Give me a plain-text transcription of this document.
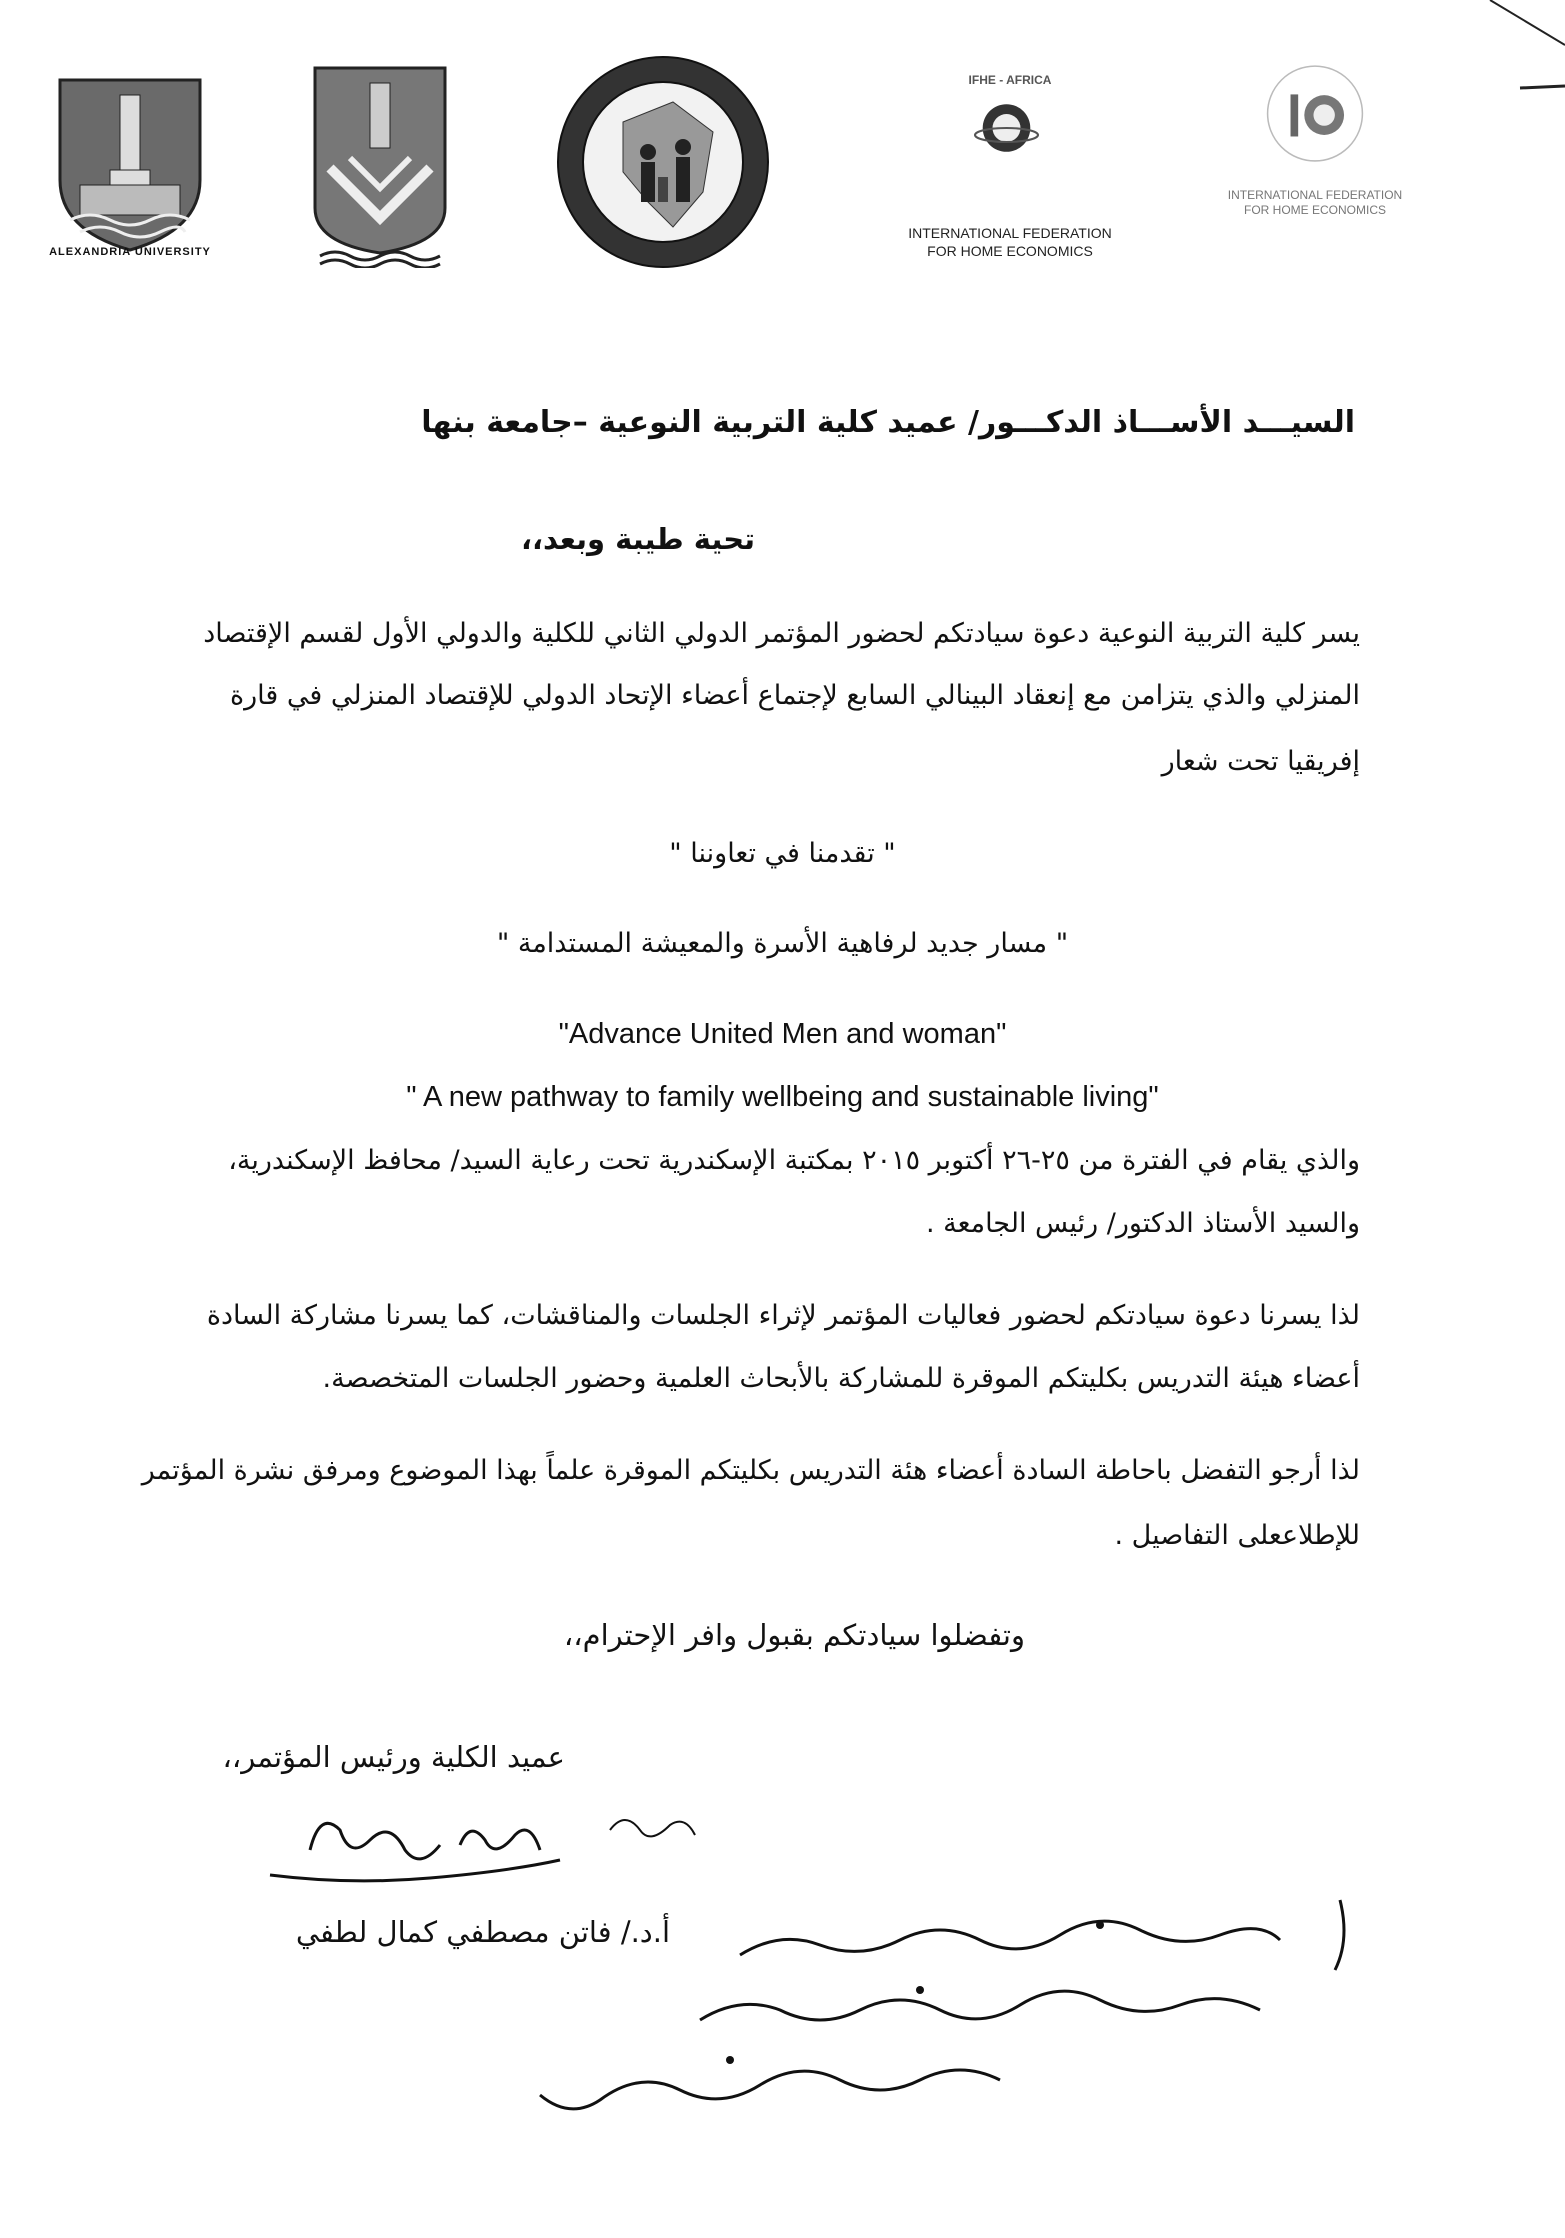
ALEXANDRIA UNIVERSITY
IFHE - AFRICA
INTERNATIONAL FEDERATION
FOR HOME ECONOMICS
INTERNATIONAL FEDERATION
FOR HOME ECONOMICS
السيـــد الأســـاذ الدكـــور/ عميد كلية التربية النوعية –جامعة بنها
تحية طيبة وبعد،،
يسر كلية التربية النوعية دعوة سيادتكم لحضور المؤتمر الدولي الثاني للكلية والدولي الأول لقسم الإقتصاد
المنزلي والذي يتزامن مع إنعقاد البينالي السابع لإجتماع أعضاء الإتحاد الدولي للإقتصاد المنزلي في قارة
إفريقيا تحت شعار
" تقدمنا في تعاوننا "
" مسار جديد لرفاهية الأسرة والمعيشة المستدامة "
"Advance United Men and woman"
" A new pathway to family wellbeing and sustainable living"
والذي يقام في الفترة من ٢٥-٢٦ أكتوبر ٢٠١٥ بمكتبة الإسكندرية تحت رعاية السيد/ محافظ الإسكندرية،
والسيد الأستاذ الدكتور/ رئيس الجامعة .
لذا يسرنا دعوة سيادتكم لحضور فعاليات المؤتمر لإثراء الجلسات والمناقشات، كما يسرنا مشاركة السادة
أعضاء هيئة التدريس بكليتكم الموقرة للمشاركة بالأبحاث العلمية وحضور الجلسات المتخصصة.
لذا أرجو التفضل باحاطة السادة أعضاء هئة التدريس بكليتكم الموقرة علماً بهذا الموضوع ومرفق نشرة المؤتمر
للإطلاععلى التفاصيل .
وتفضلوا سيادتكم بقبول وافر الإحترام،،
عميد الكلية ورئيس المؤتمر،،
أ.د./ فاتن مصطفي كمال لطفي
